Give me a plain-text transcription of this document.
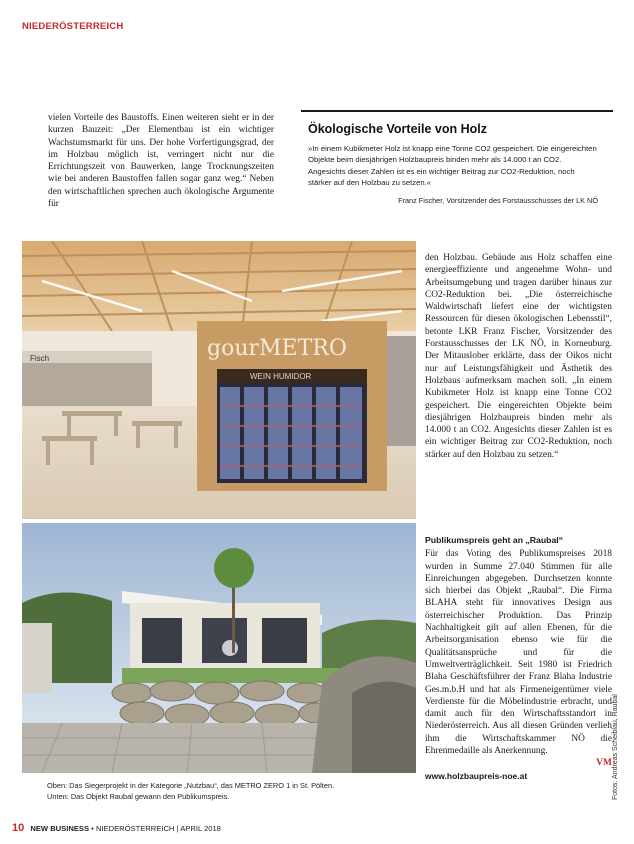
NIEDERÖSTERREICH
vielen Vorteile des Baustoffs. Einen weiteren sieht er in der kurzen Bauzeit: „Der Elementbau ist ein wichtiger Wachstumsmarkt für uns. Der hohe Vorfertigungsgrad, der im Holzbau möglich ist, verringert nicht nur die Errichtungszeit von Bauwerken, lange Trocknungszeiten wie bei anderen Baustoffen fallen sogar ganz weg.“ Neben den wirtschaftlichen sprechen auch ökologische Argumente für
Ökologische Vorteile von Holz
»In einem Kubikmeter Holz ist knapp eine Tonne CO2 gespeichert. Die eingereichten Objekte beim diesjährigen Holzbaupreis binden mehr als 14.000 t an CO2. Angesichts dieser Zahlen ist es ein wichtiger Beitrag zur CO2-Reduktion, noch stärker auf den Holzbau zu setzen.«
Franz Fischer, Vorsitzender des Forstausschusses der LK NÖ
Fisch	gourMETRO
WEIN HUMIDOR
den Holzbau. Gebäude aus Holz schaffen eine energieeffiziente und angenehme Wohn- und Arbeitsumgebung und tragen darüber hinaus zur CO2-Reduktion bei. „Die österreichische Waldwirtschaft liefert eine der wichtigsten Ressourcen für diesen ökologischen Lebensstil“, betonte LKR Franz Fischer, Vorsitzender des Forstausschusses der LK NÖ, in Korneuburg. Der Mitauslober erklärte, dass der Oikos nicht nur auf Leistungsfähigkeit und Ästhetik des Holzbaus aufmerksam machen soll. „In einem Kubikmeter Holz ist knapp eine Tonne CO2 gespeichert. Die eingereichten Objekte beim diesjährigen Holzbaupreis binden mehr als 14.000 t an CO2. Angesichts dieser Zahlen ist es ein wichtiger Beitrag zur CO2-Reduktion, noch stärker auf den Holzbau zu setzen.“
Publikumspreis geht an „Raubal“
Für das Voting des Publikumspreises 2018 wurden in Summe 27.040 Stimmen für alle Einreichungen abgegeben. Durchsetzen konnte sich hierbei das Objekt „Raubal“. Die Firma BLAHA steht für innovatives Design aus österreichischer Produktion. Das Prinzip Nachhaltigkeit gilt auf allen Ebenen, für die Arbeitsorganisation ebenso wie für die Qualitätsansprüche und für die Umweltverträglichkeit. Seit 1980 ist Friedrich Blaha Geschäftsführer der Franz Blaha Industrie Ges.m.b.H und hat als Firmeneigentümer viele Verdienste für die Möbelindustrie erbracht, und damit auch für den Wirtschaftsstandort in Niederösterreich. Aus all diesen Gründen verlieh ihm die Wirtschaftskammer NÖ die Ehrenmedaille als Anerkennung.
VM
www.holzbaupreis-noe.at
Oben: Das Siegerprojekt in der Kategorie „Nutzbau“, das METRO ZERO 1 in St. Pölten.
Unten: Das Objekt Raubal gewann den Publikumspreis.	Fotos: Andreas Scheiblau, Raubal
10 NEW BUSINESS • NIEDERÖSTERREICH | APRIL 2018
